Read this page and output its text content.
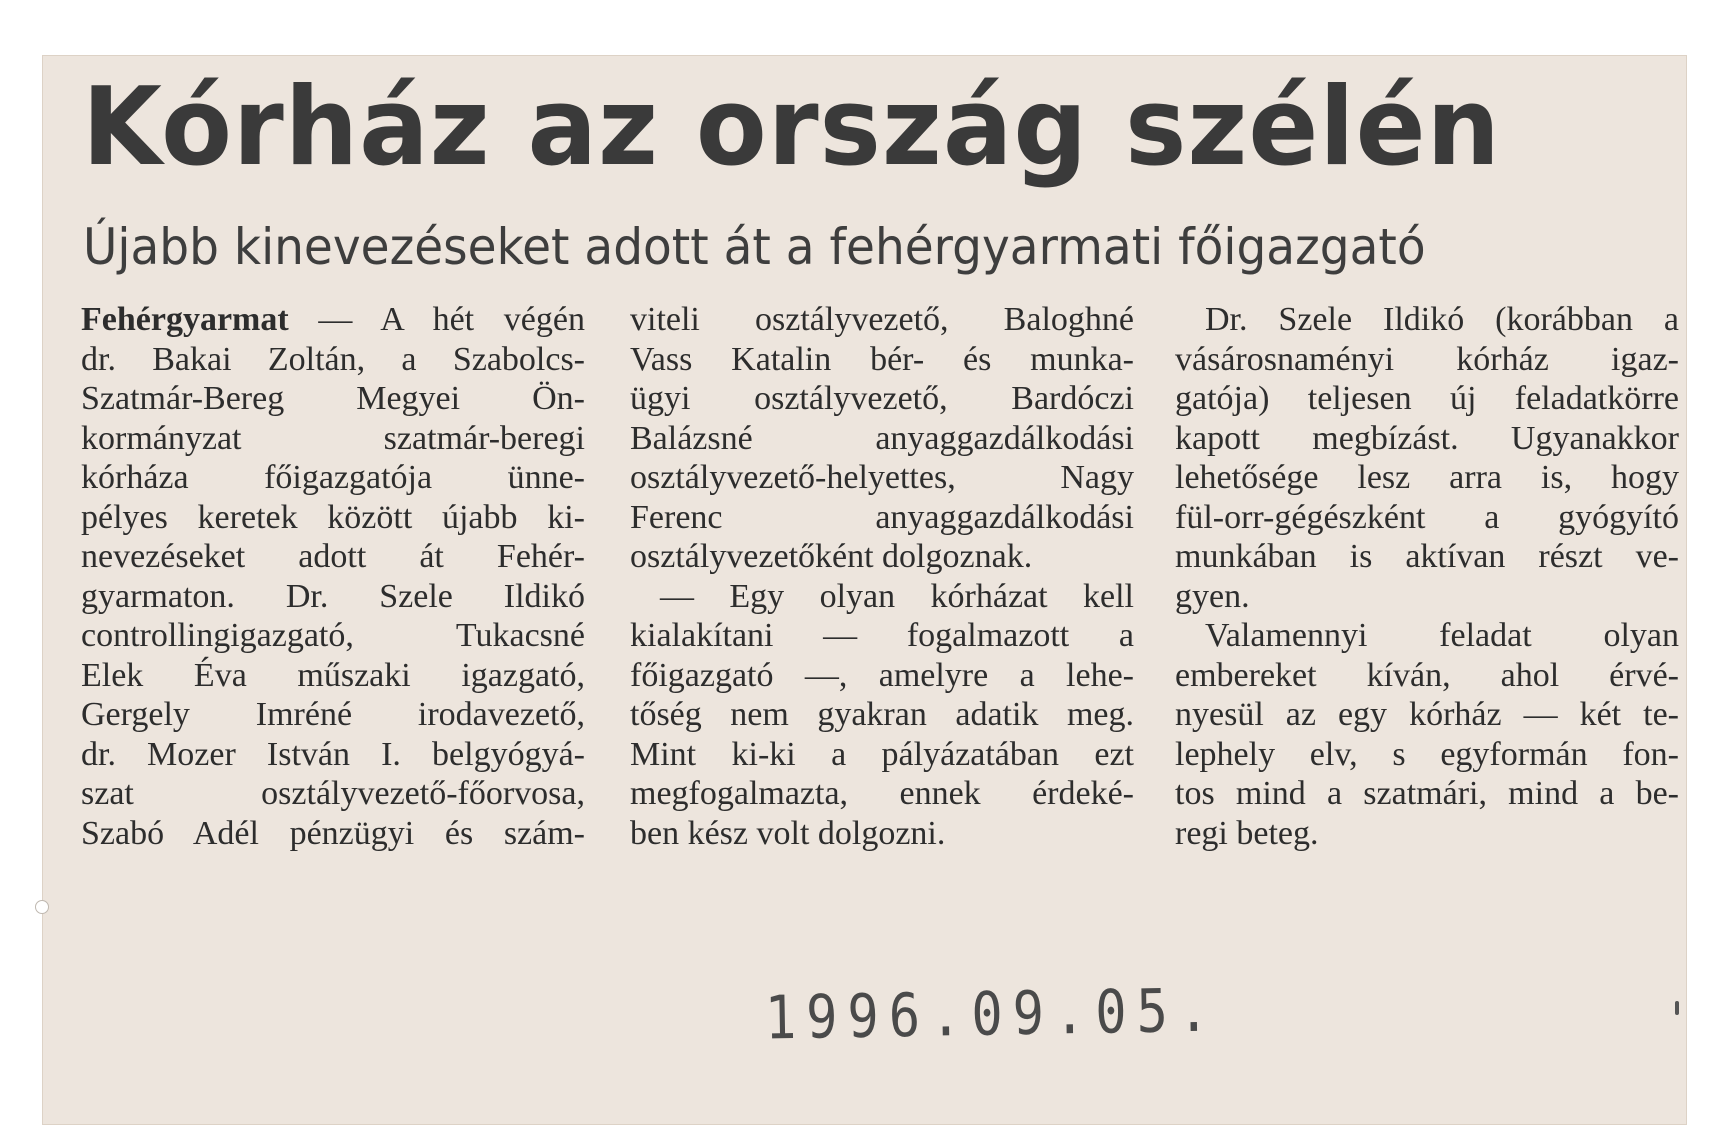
Kórház az ország szélén
Újabb kinevezéseket adott át a fehérgyarmati főigazgató
Fehérgyarmat — A hét végén
dr. Bakai Zoltán, a Szabolcs-
Szatmár-Bereg Megyei Ön-
kormányzat szatmár-beregi
kórháza főigazgatója ünne-
pélyes keretek között újabb ki-
nevezéseket adott át Fehér-
gyarmaton. Dr. Szele Ildikó
controllingigazgató, Tukacsné
Elek Éva műszaki igazgató,
Gergely Imréné irodavezető,
dr. Mozer István I. belgyógyá-
szat osztályvezető-főorvosa,
Szabó Adél pénzügyi és szám-
viteli osztályvezető, Baloghné
Vass Katalin bér- és munka-
ügyi osztályvezető, Bardóczi
Balázsné anyaggazdálkodási
osztályvezető-helyettes, Nagy
Ferenc anyaggazdálkodási
osztályvezetőként dolgoznak.
— Egy olyan kórházat kell
kialakítani — fogalmazott a
főigazgató —, amelyre a lehe-
tőség nem gyakran adatik meg.
Mint ki-ki a pályázatában ezt
megfogalmazta, ennek érdeké-
ben kész volt dolgozni.
Dr. Szele Ildikó (korábban a
vásárosnaményi kórház igaz-
gatója) teljesen új feladatkörre
kapott megbízást. Ugyanakkor
lehetősége lesz arra is, hogy
fül-orr-gégészként a gyógyító
munkában is aktívan részt ve-
gyen.
Valamennyi feladat olyan
embereket kíván, ahol érvé-
nyesül az egy kórház — két te-
lephely elv, s egyformán fon-
tos mind a szatmári, mind a be-
regi beteg.
1996.09.05.
